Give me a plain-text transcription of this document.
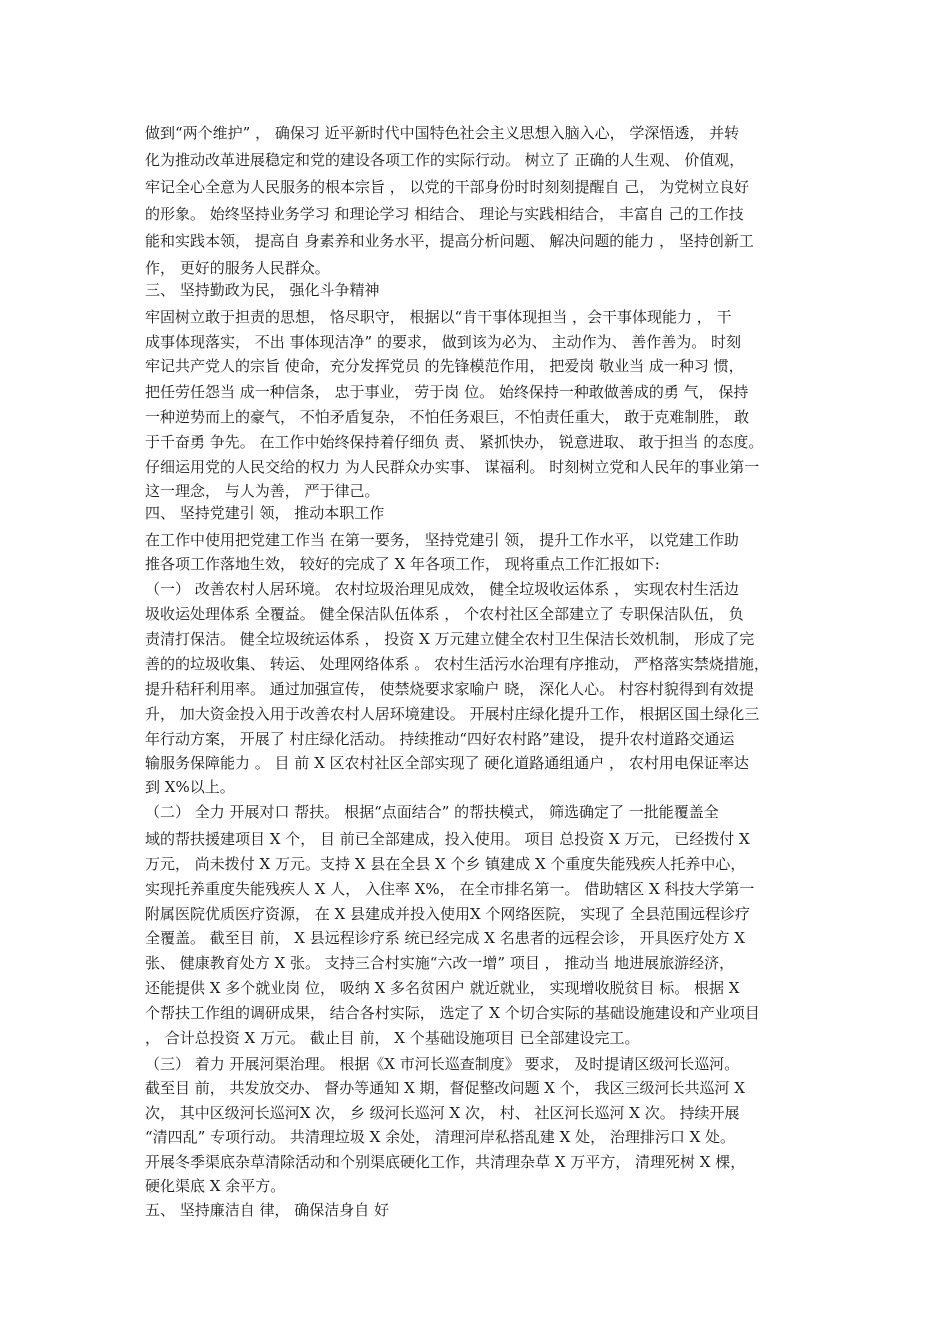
做到“两个维护” ， 确保习 近平新时代中国特色社会主义思想入脑入心， 学深悟透， 并转
化为推动改革进展稳定和党的建设各项工作的实际行动。 树立了 正确的人生观、 价值观，
牢记全心全意为人民服务的根本宗旨 ， 以党的干部身份时时刻刻提醒自 己， 为党树立良好
的形象。 始终坚持业务学习 和理论学习 相结合、 理论与实践相结合， 丰富自 己的工作技
能和实践本领， 提高自 身素养和业务水平，提高分析问题、 解决问题的能力 ， 坚持创新工
作， 更好的服务人民群众。
三、 坚持勤政为民， 强化斗争精神
牢固树立敢于担责的思想， 恪尽职守， 根据以“肯干事体现担当 ，会干事体现能力 ， 干
成事体现落实， 不出 事体现洁净” 的要求， 做到该为必为、 主动作为、 善作善为。 时刻
牢记共产党人的宗旨 使命，充分发挥党员 的先锋模范作用， 把爱岗 敬业当 成一种习 惯，
把任劳任怨当 成一种信条， 忠于事业， 劳于岗 位。 始终保持一种敢做善成的勇 气， 保持
一种逆势而上的豪气， 不怕矛盾复杂， 不怕任务艰巨，不怕责任重大， 敢于克难制胜， 敢
于千奋勇 争先。 在工作中始终保持着仔细负 责、 紧抓快办， 锐意进取、 敢于担当 的态度。
仔细运用党的人民交给的权力 为人民群众办实事、 谋福利。 时刻树立党和人民年的事业第一
这一理念， 与人为善， 严于律己。
四、 坚持党建引 领， 推动本职工作
在工作中使用把党建工作当 在第一要务， 坚持党建引 领， 提升工作水平， 以党建工作助
推各项工作落地生效， 较好的完成了 X 年各项工作， 现将重点工作汇报如下:
（一） 改善农村人居环境。 农村垃圾治理见成效， 健全垃圾收运体系 ， 实现农村生活边
圾收运处理体系 全覆益。 健全保洁队伍体系 ， 个农村社区全部建立了 专职保洁队伍， 负
责清打保洁。 健全垃圾统运体系 ， 投资 X 万元建立健全农村卫生保洁长效机制， 形成了完
善的的垃圾收集、 转运、 处理网络体系 。 农村生活污水治理有序推动， 严格落实禁烧措施，
提升秸秆利用率。 通过加强宣传， 使禁烧要求家喻户 晓， 深化人心。 村容村貌得到有效提
升， 加大资金投入用于改善农村人居环境建设。 开展村庄绿化提升工作， 根据区国土绿化三
年行动方案， 开展了 村庄绿化活动。 持续推动“四好农村路”建设， 提升农村道路交通运
输服务保障能力 。 目 前 X 区农村社区全部实现了 硬化道路通组通户 ， 农村用电保证率达
到 X%以上。
（二） 全力 开展对口 帮扶。 根据“点面结合” 的帮扶模式， 筛选确定了 一批能覆盖全
域的帮扶援建项目 X 个， 目 前已全部建成，投入使用。 项目 总投资 X 万元， 已经拨付 X
万元， 尚未拨付 X 万元。支持 X 县在全县 X 个乡 镇建成 X 个重度失能残疾人托养中心，
实现托养重度失能残疾人 X 人， 入住率 X%， 在全市排名第一。 借助辖区 X 科技大学第一
附属医院优质医疗资源， 在 X 县建成并投入使用X 个网络医院， 实现了 全县范围远程诊疗
全覆盖。 截至目 前， X 县远程诊疗系 统已经完成 X 名患者的远程会诊， 开具医疗处方 X
张、 健康教育处方 X 张。 支持三合村实施“六改一增” 项目 ， 推动当 地进展旅游经济，
还能提供 X 多个就业岗 位， 吸纳 X 多名贫困户 就近就业， 实现增收脱贫目 标。 根据 X
个帮扶工作组的调研成果， 结合各村实际， 选定了 X 个切合实际的基础设施建设和产业项目
， 合计总投资 X 万元。 截止目 前， X 个基础设施项目 已全部建设完工。
（三） 着力 开展河渠治理。 根据《X 市河长巡查制度》 要求， 及时提请区级河长巡河。
截至目 前， 共发放交办、 督办等通知 X 期，督促整改问题 X 个， 我区三级河长共巡河 X
次， 其中区级河长巡河X 次， 乡 级河长巡河 X 次， 村、 社区河长巡河 X 次。 持续开展
“清四乱” 专项行动。 共清理垃圾 X 余处， 清理河岸私搭乱建 X 处， 治理排污口 X 处。
开展冬季渠底杂草清除活动和个别渠底硬化工作，共清理杂草 X 万平方， 清理死树 X 棵，
硬化渠底 X 余平方。
五、 坚持廉洁自 律， 确保洁身自 好
